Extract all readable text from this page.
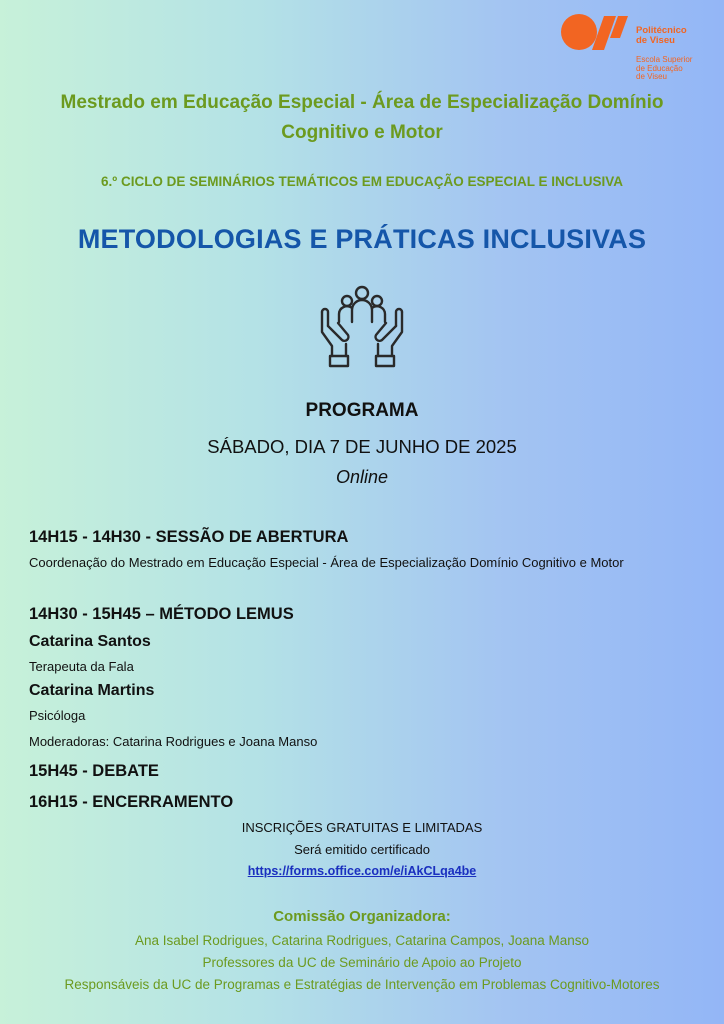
Politécnico
de Viseu
Escola Superior
de Educação
de Viseu
Mestrado em Educação Especial - Área de Especialização Domínio Cognitivo e Motor
6.º CICLO DE SEMINÁRIOS TEMÁTICOS EM EDUCAÇÃO ESPECIAL E INCLUSIVA
METODOLOGIAS E PRÁTICAS INCLUSIVAS
PROGRAMA
SÁBADO, DIA 7 DE JUNHO DE 2025
Online
14H15 - 14H30 - SESSÃO DE ABERTURA
Coordenação do Mestrado em Educação Especial - Área de Especialização Domínio Cognitivo e Motor
14H30 - 15H45 – MÉTODO LEMUS
Catarina Santos
Terapeuta da Fala
Catarina Martins
Psicóloga
Moderadoras: Catarina Rodrigues e Joana Manso
15H45 - DEBATE
16H15 - ENCERRAMENTO
INSCRIÇÕES GRATUITAS E LIMITADAS
Será emitido certificado
https://forms.office.com/e/iAkCLqa4be
Comissão Organizadora:
Ana Isabel Rodrigues, Catarina Rodrigues, Catarina Campos, Joana Manso
Professores da UC de Seminário de Apoio ao Projeto
Responsáveis da UC de Programas e Estratégias de Intervenção em Problemas Cognitivo-Motores
